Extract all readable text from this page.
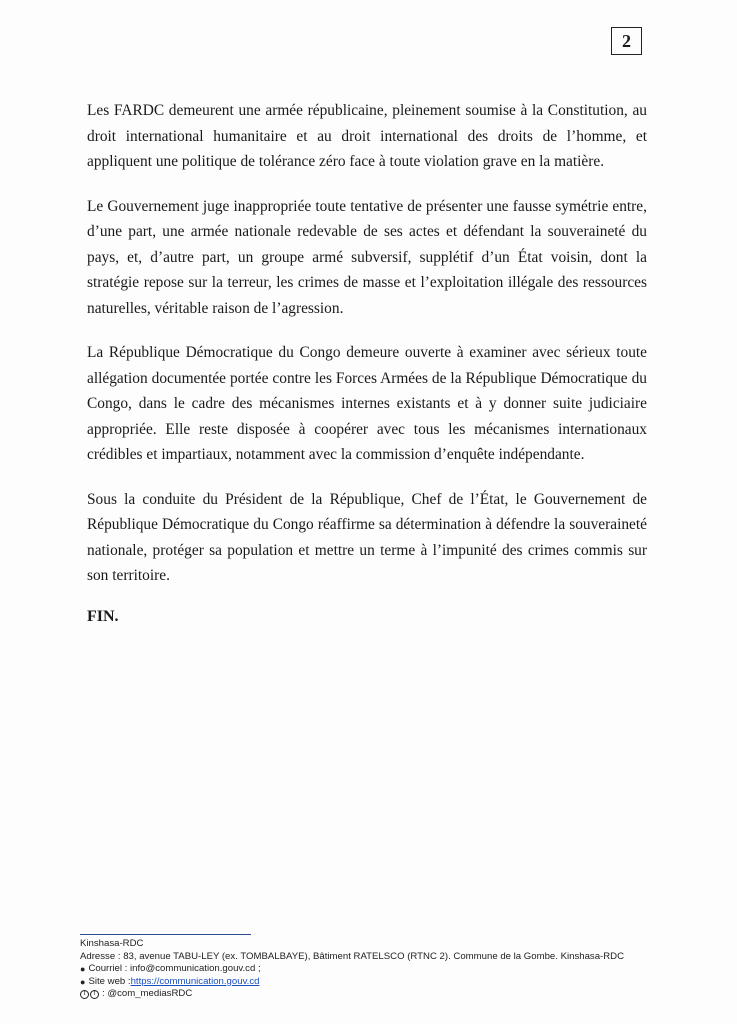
2

Les FARDC demeurent une armée républicaine, pleinement soumise à la Constitution, au droit international humanitaire et au droit international des droits de l’homme, et appliquent une politique de tolérance zéro face à toute violation grave en la matière.

Le Gouvernement juge inappropriée toute tentative de présenter une fausse symétrie entre, d’une part, une armée nationale redevable de ses actes et défendant la souveraineté du pays, et, d’autre part, un groupe armé subversif, supplétif d’un État voisin, dont la stratégie repose sur la terreur, les crimes de masse et l’exploitation illégale des ressources naturelles, véritable raison de l’agression.

La République Démocratique du Congo demeure ouverte à examiner avec sérieux toute allégation documentée portée contre les Forces Armées de la République Démocratique du Congo, dans le cadre des mécanismes internes existants et à y donner suite judiciaire appropriée. Elle reste disposée à coopérer avec tous les mécanismes internationaux crédibles et impartiaux, notamment avec la commission d’enquête indépendante.

Sous la conduite du Président de la République, Chef de l’État, le Gouvernement de République Démocratique du Congo réaffirme sa détermination à défendre la souveraineté nationale, protéger sa population et mettre un terme à l’impunité des crimes commis sur son territoire.

FIN.

Kinshasa-RDC
Adresse : 83, avenue TABU-LEY (ex. TOMBALBAYE), Bâtiment RATELSCO (RTNC 2). Commune de la Gombe. Kinshasa-RDC
● Courriel : info@communication.gouv.cd ;
● Site web : https://communication.gouv.cd
t	f : @com_mediasRDC
